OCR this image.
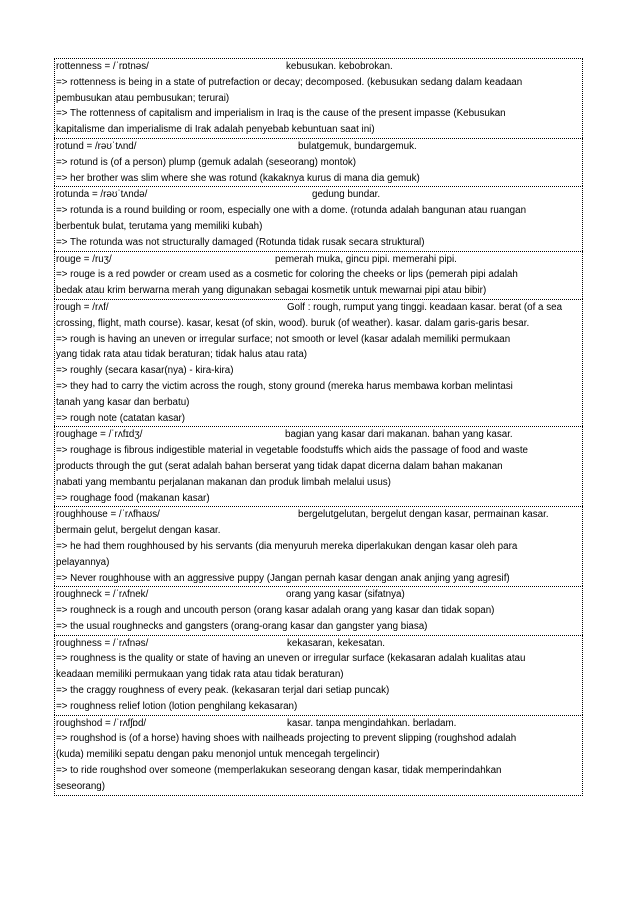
rottenness = /ˈrɒtnəs/	kebusukan. kebobrokan.
=> rottenness is being in a state of putrefaction or decay; decomposed. (kebusukan sedang dalam keadaan
pembusukan atau pembusukan; terurai)
=> The rottenness of capitalism and imperialism in Iraq is the cause of the present impasse (Kebusukan
kapitalisme dan imperialisme di Irak adalah penyebab kebuntuan saat ini)
rotund = /rəʊˈtʌnd/	bulatgemuk, bundargemuk.
=> rotund is (of a person) plump (gemuk adalah (seseorang) montok)
=> her brother was slim where she was rotund (kakaknya kurus di mana dia gemuk)
rotunda = /rəʊˈtʌndə/	gedung bundar.
=> rotunda is a round building or room, especially one with a dome. (rotunda adalah bangunan atau ruangan
berbentuk bulat, terutama yang memiliki kubah)
=> The rotunda was not structurally damaged (Rotunda tidak rusak secara struktural)
rouge = /ruʒ/	pemerah muka, gincu pipi. memerahi pipi.
=> rouge is a red powder or cream used as a cosmetic for coloring the cheeks or lips (pemerah pipi adalah
bedak atau krim berwarna merah yang digunakan sebagai kosmetik untuk mewarnai pipi atau bibir)
rough = /rʌf/	Golf : rough, rumput yang tinggi. keadaan kasar. berat (of a sea
crossing, flight, math course). kasar, kesat (of skin, wood). buruk (of weather). kasar. dalam garis-garis besar.
=> rough is having an uneven or irregular surface; not smooth or level (kasar adalah memiliki permukaan
yang tidak rata atau tidak beraturan; tidak halus atau rata)
=> roughly (secara kasar(nya) - kira-kira)
=> they had to carry the victim across the rough, stony ground (mereka harus membawa korban melintasi
tanah yang kasar dan berbatu)
=> rough note (catatan kasar)
roughage = /ˈrʌfɪdʒ/	bagian yang kasar dari makanan. bahan yang kasar.
=> roughage is fibrous indigestible material in vegetable foodstuffs which aids the passage of food and waste
products through the gut (serat adalah bahan berserat yang tidak dapat dicerna dalam bahan makanan
nabati yang membantu perjalanan makanan dan produk limbah melalui usus)
=> roughage food (makanan kasar)
roughhouse = /ˈrʌfhaʊs/	bergelutgelutan, bergelut dengan kasar, permainan kasar.
bermain gelut, bergelut dengan kasar.
=> he had them roughhoused by his servants (dia menyuruh mereka diperlakukan dengan kasar oleh para
pelayannya)
=> Never roughhouse with an aggressive puppy (Jangan pernah kasar dengan anak anjing yang agresif)
roughneck = /ˈrʌfnek/	orang yang kasar (sifatnya)
=> roughneck is a rough and uncouth person (orang kasar adalah orang yang kasar dan tidak sopan)
=> the usual roughnecks and gangsters (orang-orang kasar dan gangster yang biasa)
roughness = /ˈrʌfnəs/	kekasaran, kekesatan.
=> roughness is the quality or state of having an uneven or irregular surface (kekasaran adalah kualitas atau
keadaan memiliki permukaan yang tidak rata atau tidak beraturan)
=> the craggy roughness of every peak. (kekasaran terjal dari setiap puncak)
=> roughness relief lotion (lotion penghilang kekasaran)
roughshod = /ˈrʌfʃɒd/	kasar. tanpa mengindahkan. berladam.
=> roughshod is (of a horse) having shoes with nailheads projecting to prevent slipping (roughshod adalah
(kuda) memiliki sepatu dengan paku menonjol untuk mencegah tergelincir)
=> to ride roughshod over someone (memperlakukan seseorang dengan kasar, tidak memperindahkan
seseorang)
